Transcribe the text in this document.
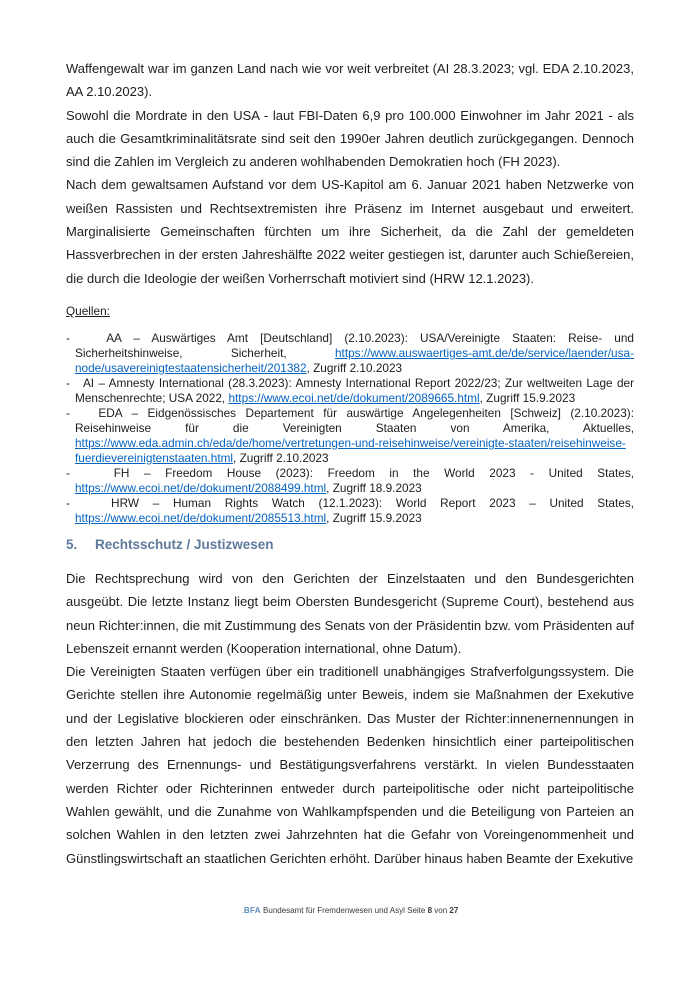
Waffengewalt war im ganzen Land nach wie vor weit verbreitet (AI 28.3.2023; vgl. EDA 2.10.2023, AA 2.10.2023).

Sowohl die Mordrate in den USA - laut FBI-Daten 6,9 pro 100.000 Einwohner im Jahr 2021 - als auch die Gesamtkriminalitätsrate sind seit den 1990er Jahren deutlich zurückgegangen. Dennoch sind die Zahlen im Vergleich zu anderen wohlhabenden Demokratien hoch (FH 2023).

Nach dem gewaltsamen Aufstand vor dem US-Kapitol am 6. Januar 2021 haben Netzwerke von weißen Rassisten und Rechtsextremisten ihre Präsenz im Internet ausgebaut und erweitert. Marginalisierte Gemeinschaften fürchten um ihre Sicherheit, da die Zahl der gemeldeten Hassverbrechen in der ersten Jahreshälfte 2022 weiter gestiegen ist, darunter auch Schießereien, die durch die Ideologie der weißen Vorherrschaft motiviert sind (HRW 12.1.2023).

Quellen:
-   AA – Auswärtiges Amt [Deutschland] (2.10.2023): USA/Vereinigte Staaten: Reise- und Sicherheitshinweise, Sicherheit, https://www.auswaertiges-amt.de/de/service/laender/usa-node/usavereinigtestaatensicherheit/201382, Zugriff 2.10.2023
-   AI – Amnesty International (28.3.2023): Amnesty International Report 2022/23; Zur weltweiten Lage der Menschenrechte; USA 2022, https://www.ecoi.net/de/dokument/2089665.html, Zugriff 15.9.2023
-   EDA – Eidgenössisches Departement für auswärtige Angelegenheiten [Schweiz] (2.10.2023): Reisehinweise für die Vereinigten Staaten von Amerika, Aktuelles, https://www.eda.admin.ch/eda/de/home/vertretungen-und-reisehinweise/vereinigte-staaten/reisehinweise-fuerdievereinigtenstaaten.html, Zugriff 2.10.2023
-   FH – Freedom House (2023): Freedom in the World 2023 - United States, https://www.ecoi.net/de/dokument/2088499.html, Zugriff 18.9.2023
-   HRW – Human Rights Watch (12.1.2023): World Report 2023 – United States, https://www.ecoi.net/de/dokument/2085513.html, Zugriff 15.9.2023
5. Rechtsschutz / Justizwesen

Die Rechtsprechung wird von den Gerichten der Einzelstaaten und den Bundesgerichten ausgeübt. Die letzte Instanz liegt beim Obersten Bundesgericht (Supreme Court), bestehend aus neun Richter:innen, die mit Zustimmung des Senats von der Präsidentin bzw. vom Präsidenten auf Lebenszeit ernannt werden (Kooperation international, ohne Datum).

Die Vereinigten Staaten verfügen über ein traditionell unabhängiges Strafverfolgungssystem. Die Gerichte stellen ihre Autonomie regelmäßig unter Beweis, indem sie Maßnahmen der Exekutive und der Legislative blockieren oder einschränken. Das Muster der Richter:innenernennungen in den letzten Jahren hat jedoch die bestehenden Bedenken hinsichtlich einer parteipolitischen Verzerrung des Ernennungs- und Bestätigungsverfahrens verstärkt. In vielen Bundesstaaten werden Richter oder Richterinnen entweder durch parteipolitische oder nicht parteipolitische Wahlen gewählt, und die Zunahme von Wahlkampfspenden und die Beteiligung von Parteien an solchen Wahlen in den letzten zwei Jahrzehnten hat die Gefahr von Voreingenommenheit und Günstlingswirtschaft an staatlichen Gerichten erhöht. Darüber hinaus haben Beamte der Exekutive

.BFA Bundesamt für Fremdenwesen und Asyl Seite 8 von 27
